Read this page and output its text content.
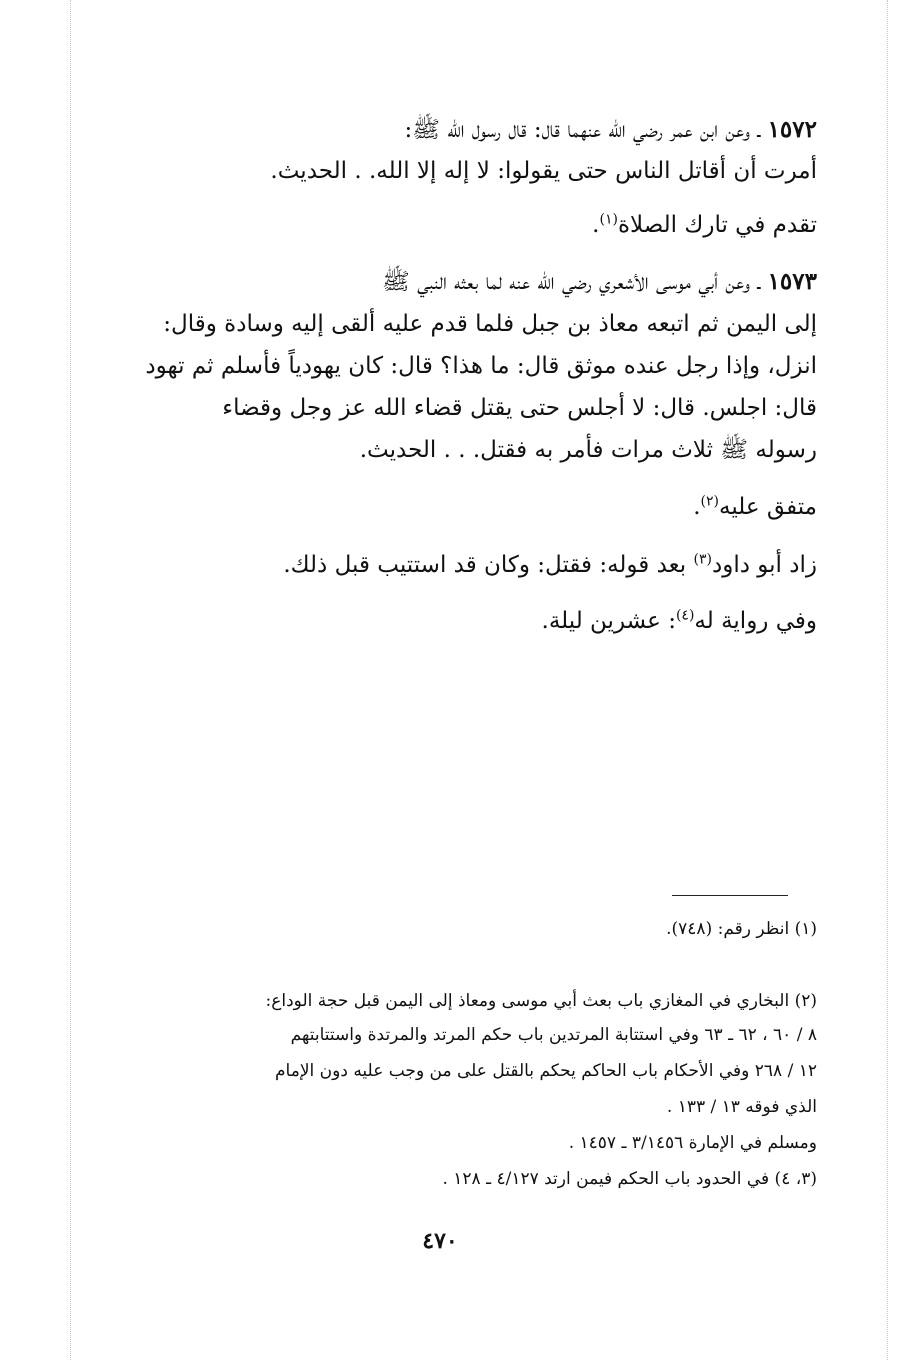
١٥٧٢ ـ وعن ابن عمر رضي الله عنهما قال: قال رسول الله ﷺ:
أمرت أن أقاتل الناس حتى يقولوا: لا إله إلا الله. . الحديث.
تقدم في تارك الصلاة$^{(١)}$.
١٥٧٣ ـ وعن أبي موسى الأشعري رضي الله عنه لما بعثه النبي ﷺ
إلى اليمن ثم اتبعه معاذ بن جبل فلما قدم عليه ألقى إليه وسادة وقال:
انزل، وإذا رجل عنده موثق قال: ما هذا؟ قال: كان يهودياً فأسلم ثم تهود
قال: اجلس. قال: لا أجلس حتى يقتل قضاء الله عز وجل وقضاء
رسوله ﷺ ثلاث مرات فأمر به فقتل. . . الحديث.
متفق عليه$^{(٢)}$.
زاد أبو داود$^{(٣)}$ بعد قوله: فقتل: وكان قد استتيب قبل ذلك.
وفي رواية له$^{(٤)}$: عشرين ليلة.
(١) انظر رقم: (٧٤٨).
(٢) البخاري في المغازي باب بعث أبي موسى ومعاذ إلى اليمن قبل حجة الوداع:
٨ / ٦٠ ، ٦٢ ـ ٦٣ وفي استتابة المرتدين باب حكم المرتد والمرتدة واستتابتهم
١٢ / ٢٦٨ وفي الأحكام باب الحاكم يحكم بالقتل على من وجب عليه دون الإمام
الذي فوقه ١٣ / ١٣٣ .
ومسلم في الإمارة ٣/١٤٥٦ ـ ١٤٥٧ .
(٣، ٤) في الحدود باب الحكم فيمن ارتد ٤/١٢٧ ـ ١٢٨ .
٤٧٠
